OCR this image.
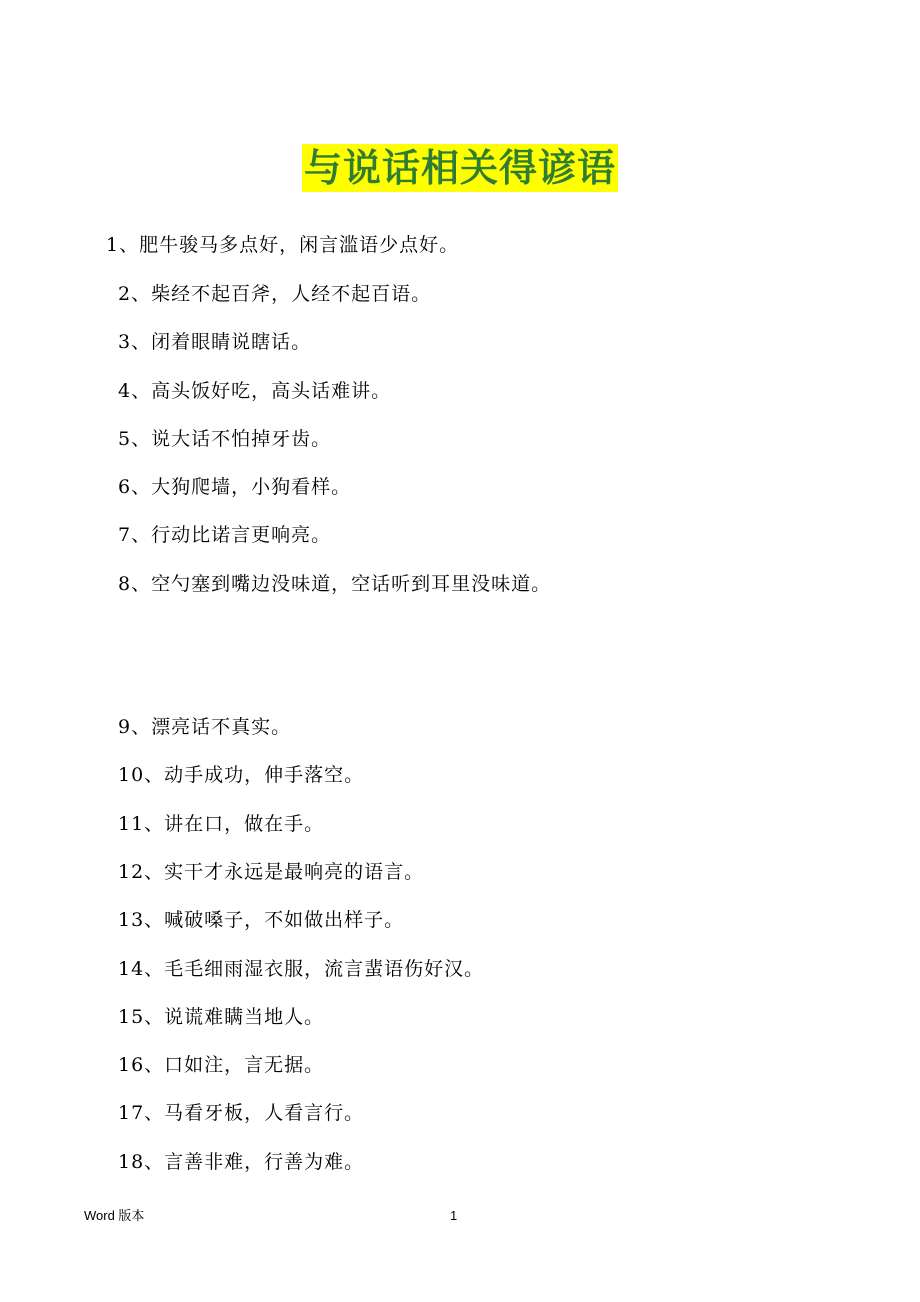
与说话相关得谚语
1、肥牛骏马多点好，闲言滥语少点好。
2、柴经不起百斧，人经不起百语。
3、闭着眼睛说瞎话。
4、高头饭好吃，高头话难讲。
5、说大话不怕掉牙齿。
6、大狗爬墙，小狗看样。
7、行动比诺言更响亮。
8、空勺塞到嘴边没味道，空话听到耳里没味道。
9、漂亮话不真实。
10、动手成功，伸手落空。
11、讲在口，做在手。
12、实干才永远是最响亮的语言。
13、喊破嗓子，不如做出样子。
14、毛毛细雨湿衣服，流言蜚语伤好汉。
15、说谎难瞒当地人。
16、口如注，言无据。
17、马看牙板，人看言行。
18、言善非难，行善为难。
Word 版本	1
